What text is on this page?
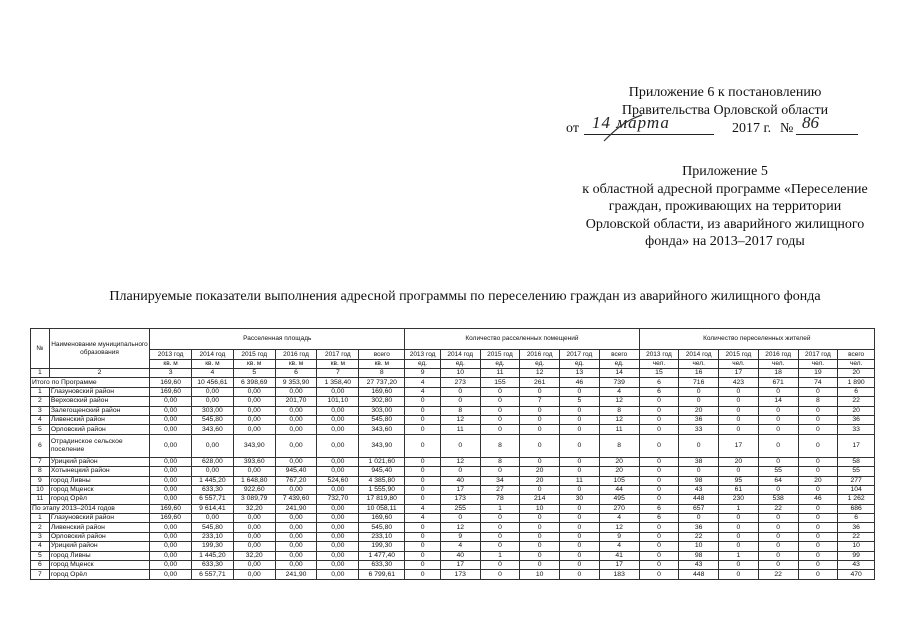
Приложение 6 к постановлению
Правительства Орловской области
от 14 марта	2017 г. № 86
Приложение 5
к областной адресной программе «Переселение
граждан, проживающих на территории
Орловской области, из аварийного жилищного
фонда» на 2013–2017 годы
Планируемые показатели выполнения адресной программы по переселению граждан из аварийного жилищного фонда
№	Наименование муниципального образования	Расселенная площадь						Количество расселенных помещений						Количество переселенных жителей					
		2013 год	2014 год	2015 год	2016 год	2017 год	всего	2013 год	2014 год	2015 год	2016 год	2017 год	всего	2013 год	2014 год	2015 год	2016 год	2017 год	всего
		кв. м	кв. м	кв. м	кв. м	кв. м	кв. м	ед.	ед.	ед.	ед.	ед.	ед.	чел.	чел.	чел.	чел.	чел.	чел.
1	2	3	4	5	6	7	8	9	10	11	12	13	14	15	16	17	18	19	20
Итого по Программе		169,60	10 456,61	6 398,69	9 353,90	1 358,40	27 737,20	4	273	155	261	46	739	6	716	423	671	74	1 890
1	Глазуновский район	169,60	0,00	0,00	0,00	0,00	169,60	4	0	0	0	0	4	6	0	0	0	0	6
2	Верховский район	0,00	0,00	0,00	201,70	101,10	302,80	0	0	0	7	5	12	0	0	0	14	8	22
3	Залегощенский район	0,00	303,00	0,00	0,00	0,00	303,00	0	8	0	0	0	8	0	20	0	0	0	20
4	Ливенский район	0,00	545,80	0,00	0,00	0,00	545,80	0	12	0	0	0	12	0	36	0	0	0	36
5	Орловский район	0,00	343,60	0,00	0,00	0,00	343,60	0	11	0	0	0	11	0	33	0	0	0	33
6	Отрадинское сельское поселение	0,00	0,00	343,90	0,00	0,00	343,90	0	0	8	0	0	8	0	0	17	0	0	17
7	Урицкий район	0,00	628,00	393,60	0,00	0,00	1 021,60	0	12	8	0	0	20	0	38	20	0	0	58
8	Хотынецкий район	0,00	0,00	0,00	945,40	0,00	945,40	0	0	0	20	0	20	0	0	0	55	0	55
9	город Ливны	0,00	1 445,20	1 648,80	767,20	524,60	4 385,80	0	40	34	20	11	105	0	98	95	64	20	277
10	город Мценск	0,00	633,30	922,60	0,00	0,00	1 555,90	0	17	27	0	0	44	0	43	61	0	0	104
11	город Орёл	0,00	6 557,71	3 089,79	7 439,60	732,70	17 819,80	0	173	78	214	30	495	0	448	230	538	46	1 262
По этапу 2013–2014 годов		169,60	9 614,41	32,20	241,90	0,00	10 058,11	4	255	1	10	0	270	6	657	1	22	0	686
1	Глазуновский район	169,60	0,00	0,00	0,00	0,00	169,60	4	0	0	0	0	4	6	0	0	0	0	6
2	Ливенский район	0,00	545,80	0,00	0,00	0,00	545,80	0	12	0	0	0	12	0	36	0	0	0	36
3	Орловский район	0,00	233,10	0,00	0,00	0,00	233,10	0	9	0	0	0	9	0	22	0	0	0	22
4	Урицкий район	0,00	199,30	0,00	0,00	0,00	199,30	0	4	0	0	0	4	0	10	0	0	0	10
5	город Ливны	0,00	1 445,20	32,20	0,00	0,00	1 477,40	0	40	1	0	0	41	0	98	1	0	0	99
6	город Мценск	0,00	633,30	0,00	0,00	0,00	633,30	0	17	0	0	0	17	0	43	0	0	0	43
7	город Орёл	0,00	6 557,71	0,00	241,90	0,00	6 799,61	0	173	0	10	0	183	0	448	0	22	0	470
